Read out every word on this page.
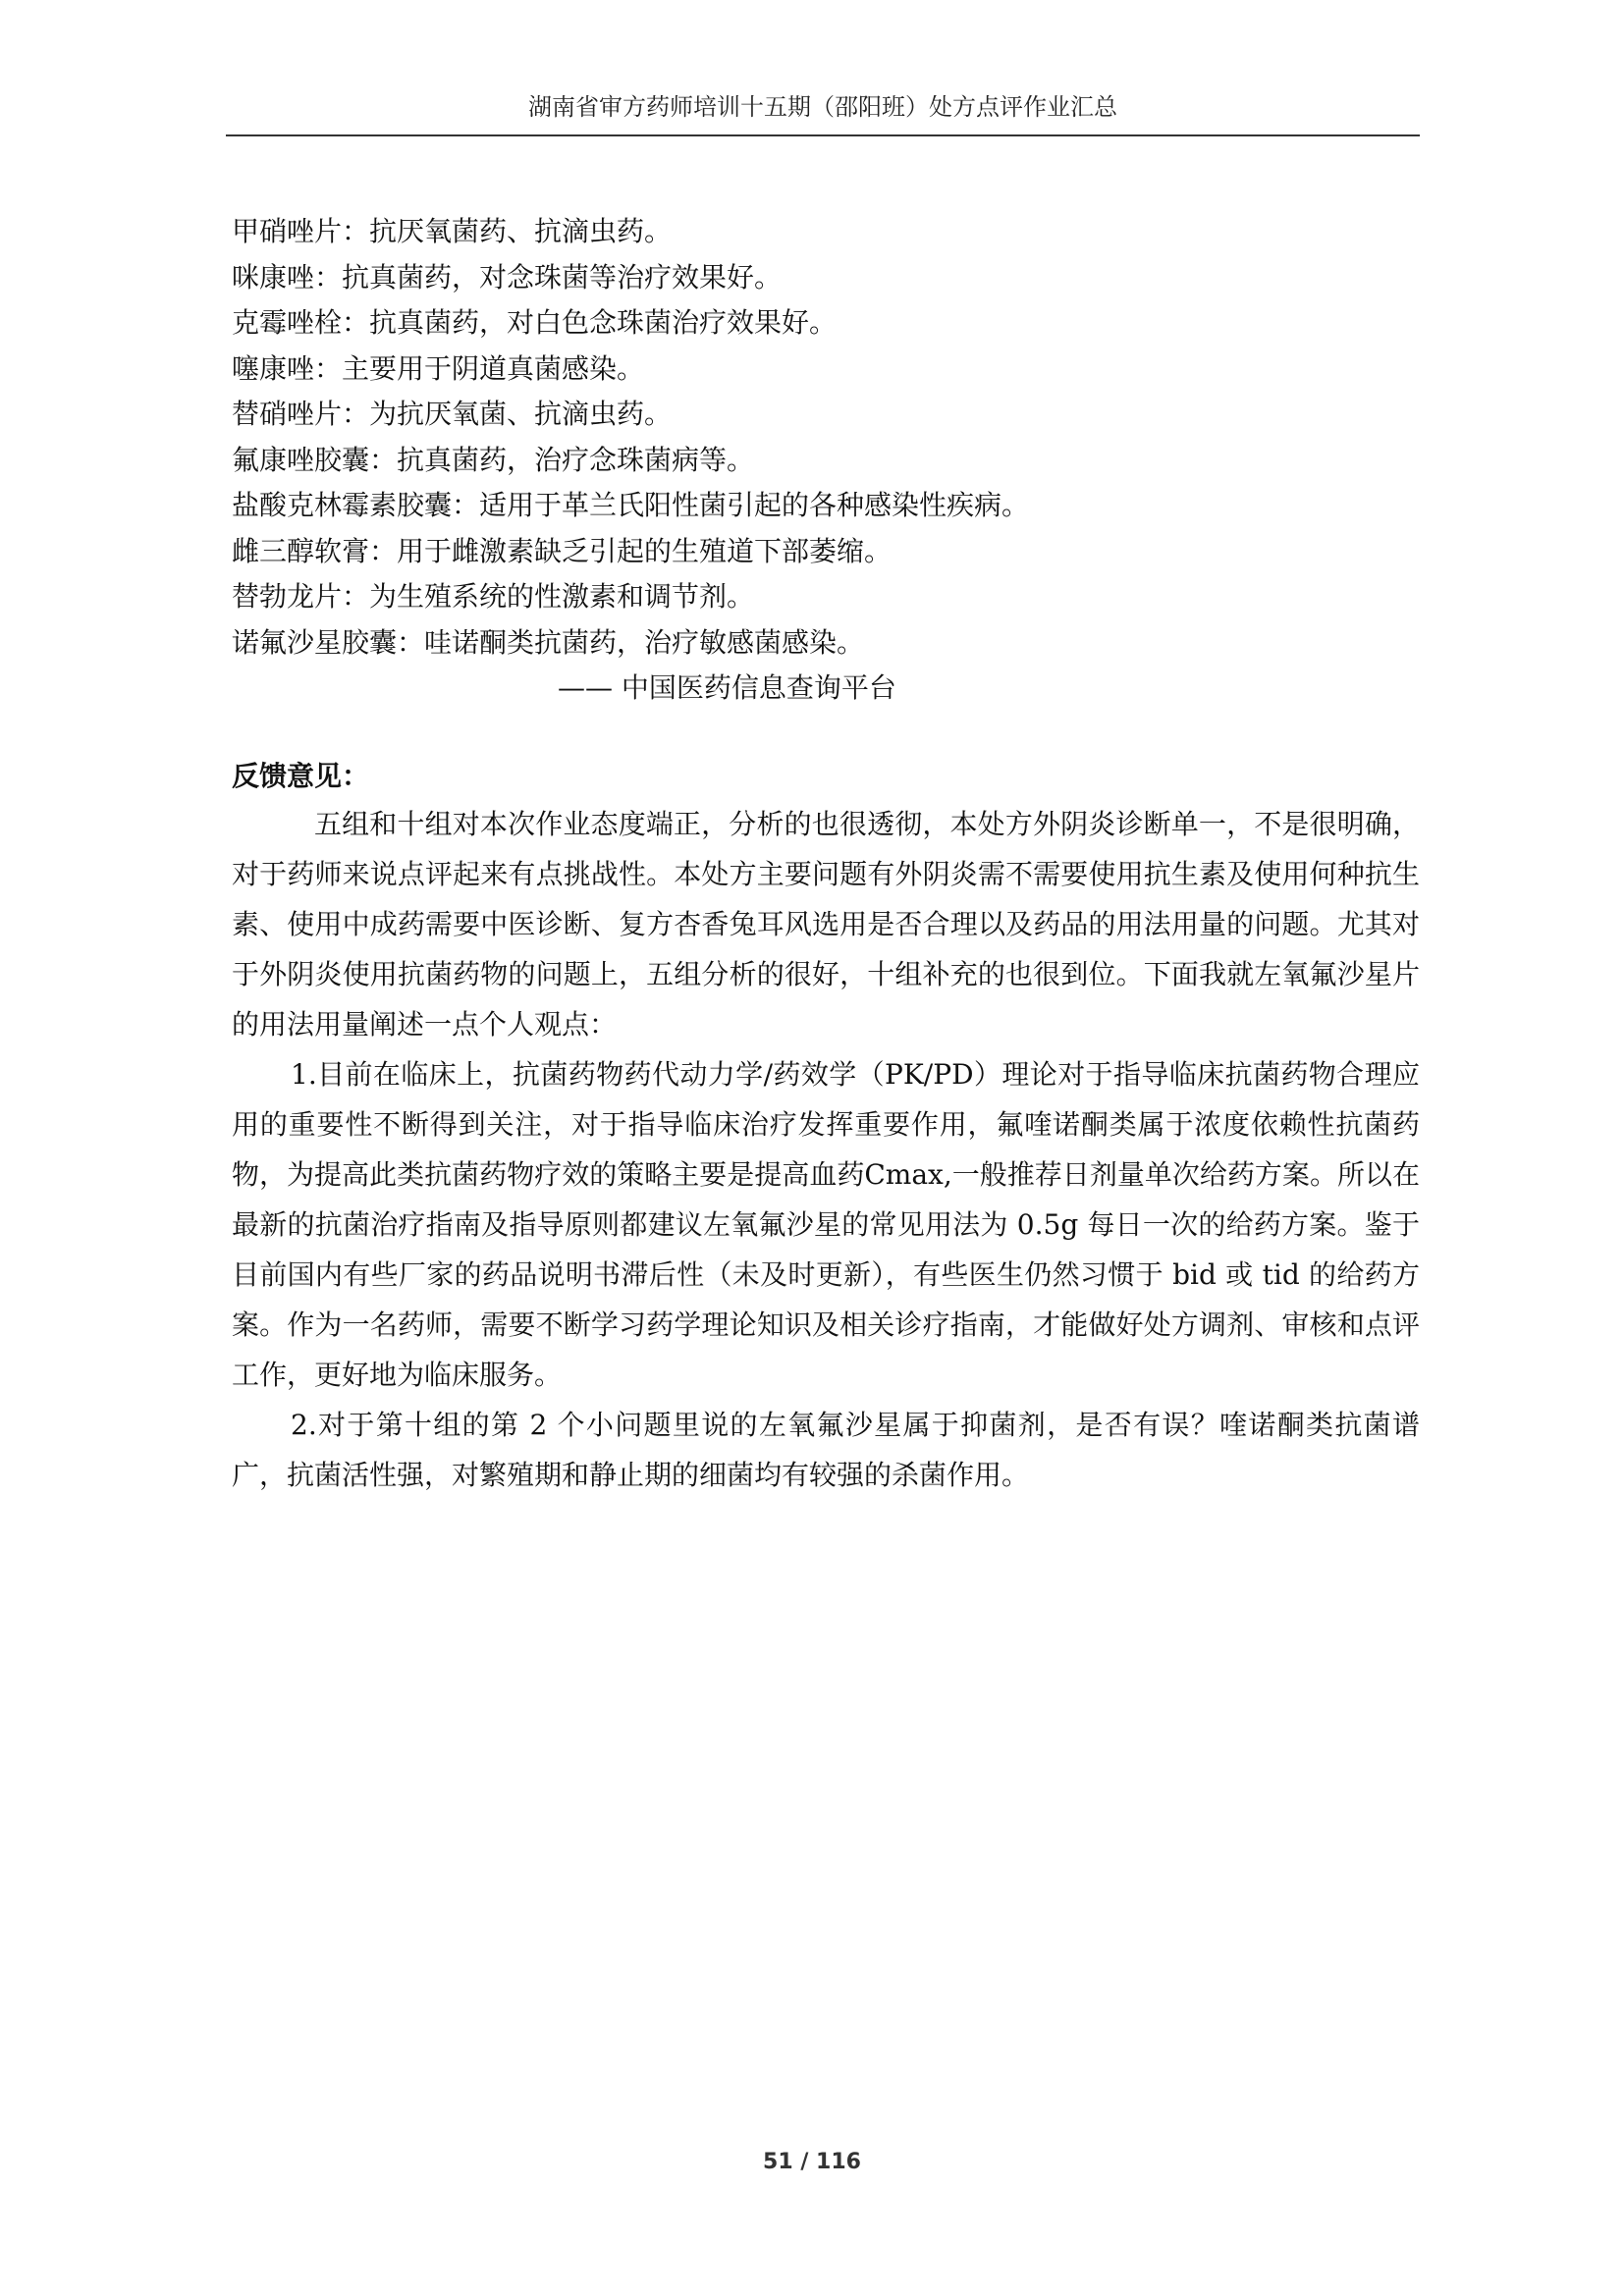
湖南省审方药师培训十五期（邵阳班）处方点评作业汇总
甲硝唑片：抗厌氧菌药、抗滴虫药。
咪康唑：抗真菌药，对念珠菌等治疗效果好。
克霉唑栓：抗真菌药，对白色念珠菌治疗效果好。
噻康唑：主要用于阴道真菌感染。
替硝唑片：为抗厌氧菌、抗滴虫药。
氟康唑胶囊：抗真菌药，治疗念珠菌病等。
盐酸克林霉素胶囊：适用于革兰氏阳性菌引起的各种感染性疾病。
雌三醇软膏：用于雌激素缺乏引起的生殖道下部萎缩。
替勃龙片：为生殖系统的性激素和调节剂。
诺氟沙星胶囊：哇诺酮类抗菌药，治疗敏感菌感染。
—— 中国医药信息查询平台
反馈意见：

五组和十组对本次作业态度端正，分析的也很透彻，本处方外阴炎诊断单一，不是很明确，对于药师来说点评起来有点挑战性。本处方主要问题有外阴炎需不需要使用抗生素及使用何种抗生素、使用中成药需要中医诊断、复方杏香兔耳风选用是否合理以及药品的用法用量的问题。尤其对于外阴炎使用抗菌药物的问题上，五组分析的很好，十组补充的也很到位。下面我就左氧氟沙星片的用法用量阐述一点个人观点：

1.目前在临床上，抗菌药物药代动力学/药效学（PK/PD）理论对于指导临床抗菌药物合理应用的重要性不断得到关注，对于指导临床治疗发挥重要作用，氟喹诺酮类属于浓度依赖性抗菌药物，为提高此类抗菌药物疗效的策略主要是提高血药Cmax,一般推荐日剂量单次给药方案。所以在最新的抗菌治疗指南及指导原则都建议左氧氟沙星的常见用法为 0.5g 每日一次的给药方案。鉴于目前国内有些厂家的药品说明书滞后性（未及时更新），有些医生仍然习惯于 bid 或 tid 的给药方案。作为一名药师，需要不断学习药学理论知识及相关诊疗指南，才能做好处方调剂、审核和点评工作，更好地为临床服务。

2.对于第十组的第 2 个小问题里说的左氧氟沙星属于抑菌剂，是否有误？喹诺酮类抗菌谱广，抗菌活性强，对繁殖期和静止期的细菌均有较强的杀菌作用。

51 / 116
